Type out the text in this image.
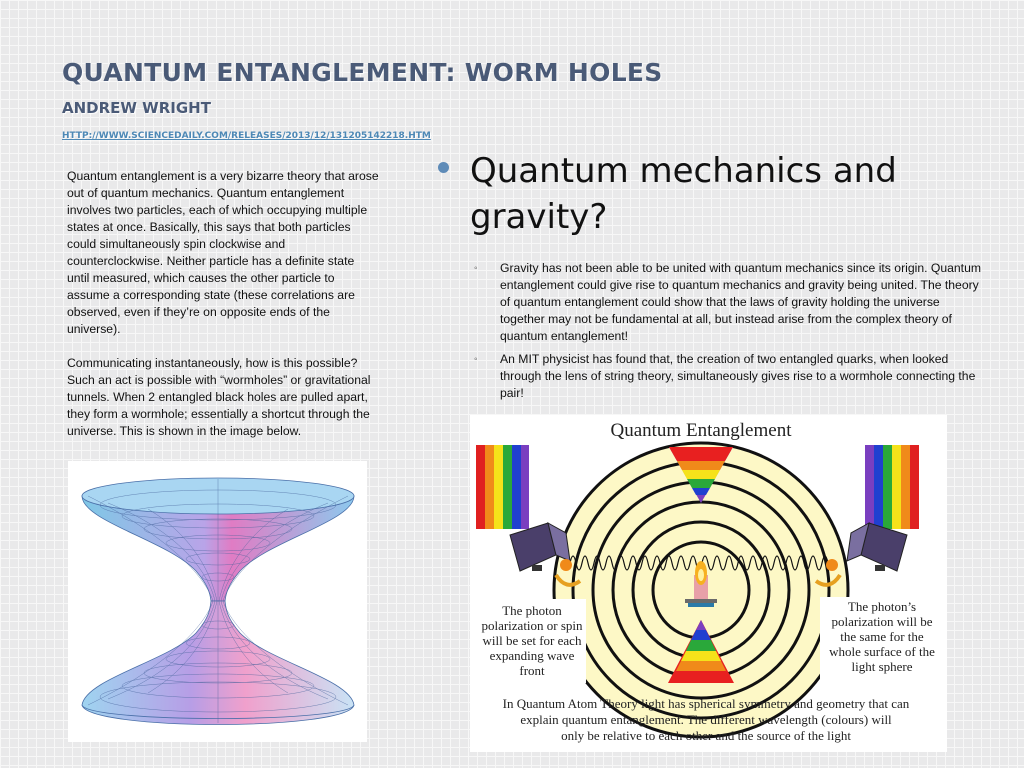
QUANTUM ENTANGLEMENT: WORM HOLES
ANDREW WRIGHT
HTTP://WWW.SCIENCEDAILY.COM/RELEASES/2013/12/131205142218.HTM

Quantum entanglement is a very bizarre theory that arose out of quantum mechanics. Quantum entanglement involves two particles, each of which occupying multiple states at once. Basically, this says that both particles could simultaneously spin clockwise and counterclockwise. Neither particle has a definite state until measured, which causes the other particle to assume a corresponding state (these correlations are observed, even if they’re on opposite ends of the universe).

Communicating instantaneously, how is this possible? Such an act is possible with “wormholes” or gravitational tunnels. When 2 entangled black holes are pulled apart, they form a wormhole; essentially a shortcut through the universe. This is shown in the image below.

Quantum mechanics and gravity?
◦ Gravity has not been able to be united with quantum mechanics since its origin. Quantum entanglement could give rise to quantum mechanics and gravity being united. The theory of quantum entanglement could show that the laws of gravity holding the universe together may not be fundamental at all, but instead arise from the complex theory of quantum entanglement!
◦ An MIT physicist has found that, the creation of two entangled quarks, when looked through the lens of string theory, simultaneously gives rise to a wormhole connecting the pair!
Quantum Entanglement
The photon
polarization or spin
will be set for each
expanding wave
front
The photon’s
polarization will be
the same for the
whole surface of the
light sphere
In Quantum Atom Theory light has spherical symmetry and geometry that can
explain quantum entanglement. The different wavelength (colours) will
only be relative to each other and the source of the light
